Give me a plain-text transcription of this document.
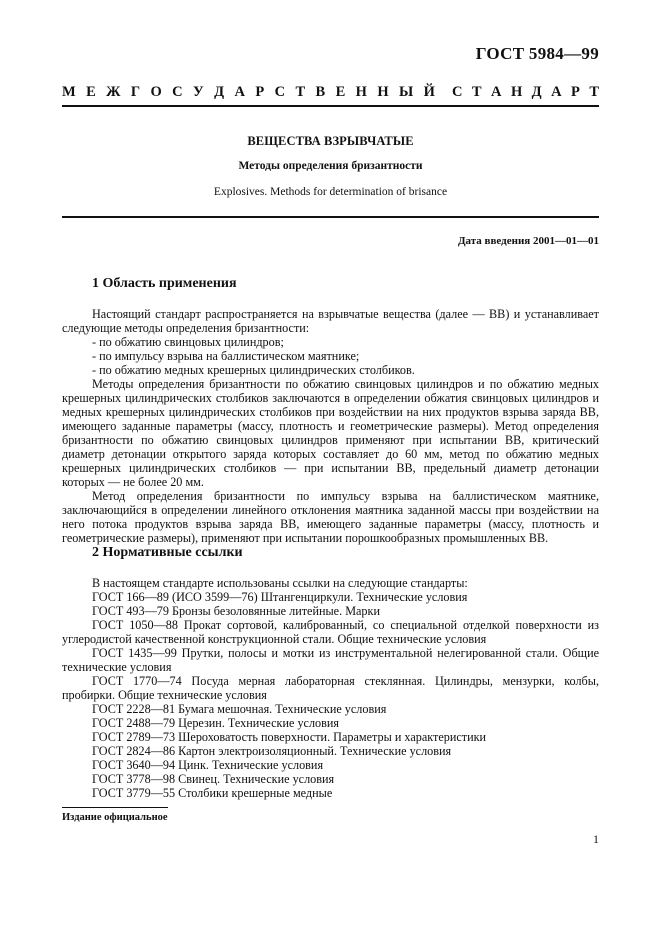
ГОСТ 5984—99
М Е Ж Г О С У Д А Р С Т В Е Н Н Ы Й С Т А Н Д А Р Т
ВЕЩЕСТВА ВЗРЫВЧАТЫЕ
Методы определения бризантности
Explosives. Methods for determination of brisance
Дата введения 2001—01—01
1 Область применения

Настоящий стандарт распространяется на взрывчатые вещества (далее — ВВ) и устанавливает следующие методы определения бризантности:

- по обжатию свинцовых цилиндров;

- по импульсу взрыва на баллистическом маятнике;

- по обжатию медных крешерных цилиндрических столбиков.

Методы определения бризантности по обжатию свинцовых цилиндров и по обжатию медных крешерных цилиндрических столбиков заключаются в определении обжатия свинцовых цилиндров и медных крешерных цилиндрических столбиков при воздействии на них продуктов взрыва заряда ВВ, имеющего заданные параметры (массу, плотность и геометрические размеры). Метод определения бризантности по обжатию свинцовых цилиндров применяют при испытании ВВ, критический диаметр детонации открытого заряда которых составляет до 60 мм, метод по обжатию медных крешерных цилиндрических столбиков — при испытании ВВ, предельный диаметр детонации которых — не более 20 мм.

Метод определения бризантности по импульсу взрыва на баллистическом маятнике, заключающийся в определении линейного отклонения маятника заданной массы при воздействии на него потока продуктов взрыва заряда ВВ, имеющего заданные параметры (массу, плотность и геометрические размеры), применяют при испытании порошкообразных промышленных ВВ.

2 Нормативные ссылки

В настоящем стандарте использованы ссылки на следующие стандарты:

ГОСТ 166—89 (ИСО 3599—76) Штангенциркули. Технические условия

ГОСТ 493—79 Бронзы безоловянные литейные. Марки

ГОСТ 1050—88 Прокат сортовой, калиброванный, со специальной отделкой поверхности из углеродистой качественной конструкционной стали. Общие технические условия

ГОСТ 1435—99 Прутки, полосы и мотки из инструментальной нелегированной стали. Общие технические условия

ГОСТ 1770—74 Посуда мерная лабораторная стеклянная. Цилиндры, мензурки, колбы, пробирки. Общие технические условия

ГОСТ 2228—81 Бумага мешочная. Технические условия

ГОСТ 2488—79 Церезин. Технические условия

ГОСТ 2789—73 Шероховатость поверхности. Параметры и характеристики

ГОСТ 2824—86 Картон электроизоляционный. Технические условия

ГОСТ 3640—94 Цинк. Технические условия

ГОСТ 3778—98 Свинец. Технические условия

ГОСТ 3779—55 Столбики крешерные медные

Издание официальное
1
